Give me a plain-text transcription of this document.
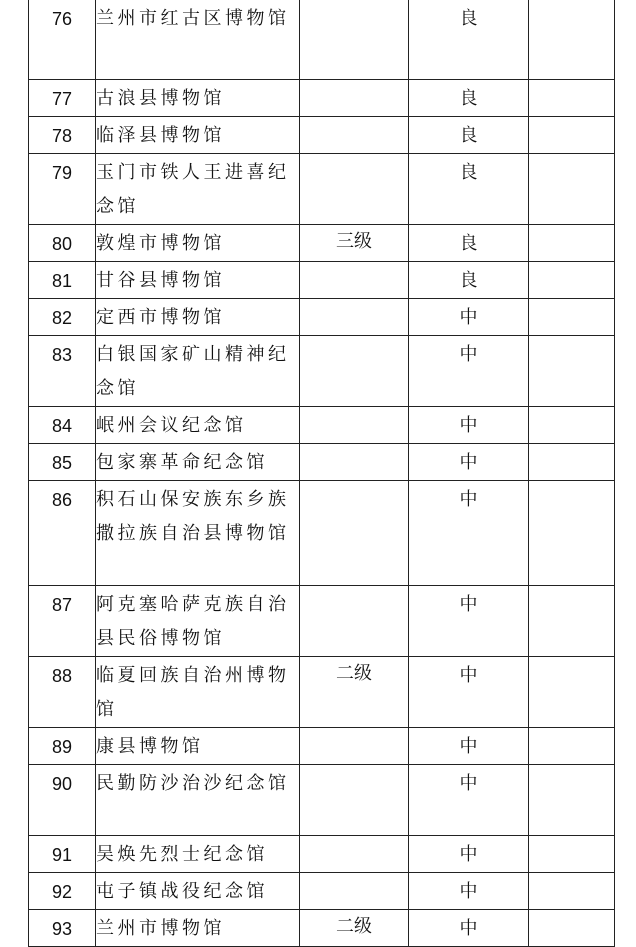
76	兰州市红古区博物馆		良	

77	古浪县博物馆		良	

78	临泽县博物馆		良	

79	玉门市铁人王进喜纪念馆		良	

80	敦煌市博物馆	三级	良	

81	甘谷县博物馆		良	

82	定西市博物馆		中	

83	白银国家矿山精神纪念馆		中	

84	岷州会议纪念馆		中	

85	包家寨革命纪念馆		中	

86	积石山保安族东乡族撒拉族自治县博物馆		中	

87	阿克塞哈萨克族自治县民俗博物馆		中	

88	临夏回族自治州博物馆	二级	中	

89	康县博物馆		中	

90	民勤防沙治沙纪念馆		中	

91	吴焕先烈士纪念馆		中	

92	屯子镇战役纪念馆		中	

93	兰州市博物馆	二级	中	
